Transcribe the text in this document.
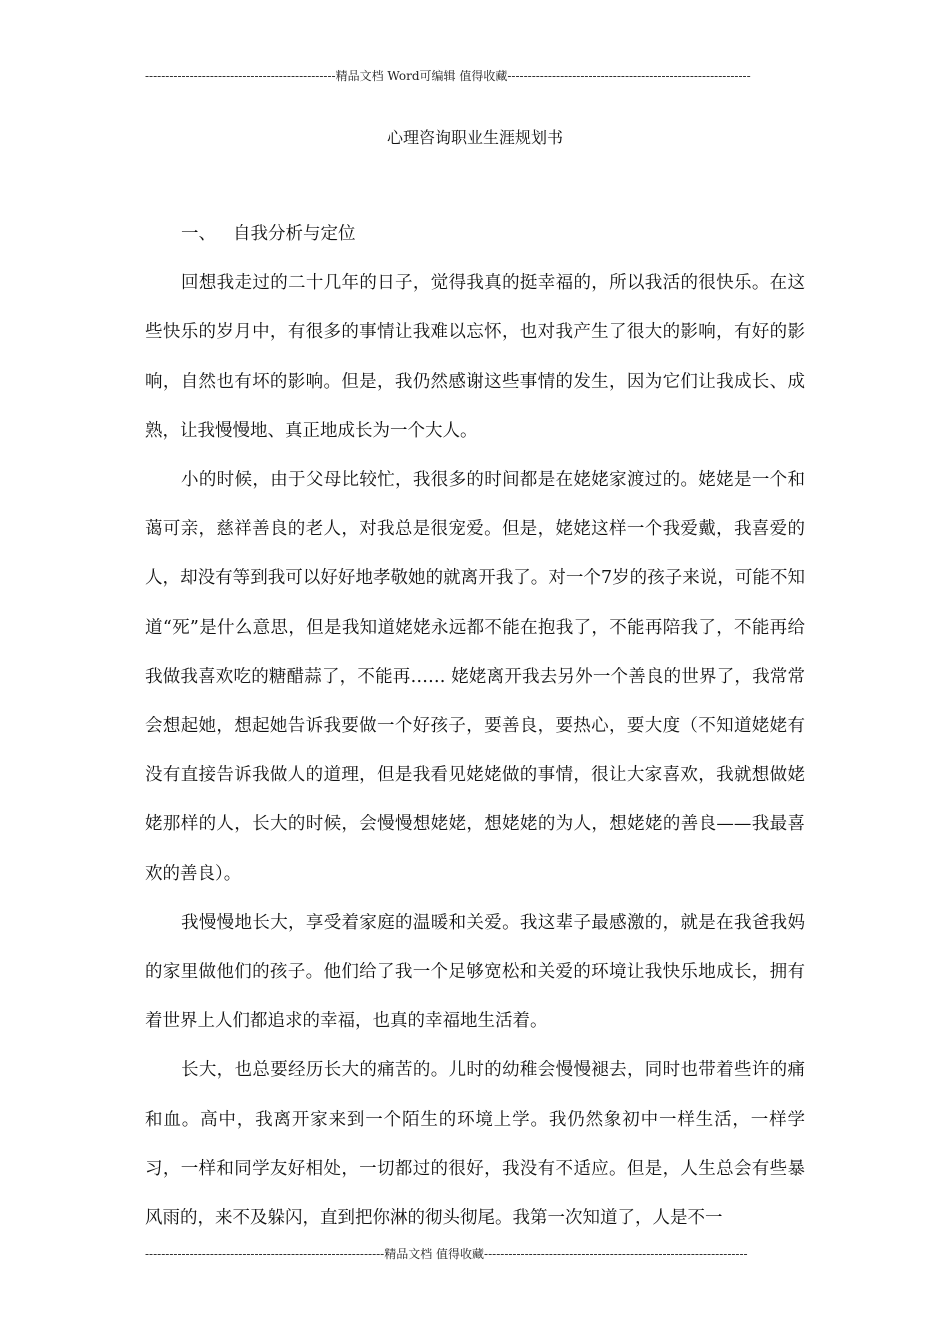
-----------------------------------------------精品文档 Word可编辑 值得收藏------------------------------------------------------------
心理咨询职业生涯规划书

一、 自我分析与定位

回想我走过的二十几年的日子，觉得我真的挺幸福的，所以我活的很快乐。在这些快乐的岁月中，有很多的事情让我难以忘怀，也对我产生了很大的影响，有好的影响，自然也有坏的影响。但是，我仍然感谢这些事情的发生，因为它们让我成长、成熟，让我慢慢地、真正地成长为一个大人。

小的时候，由于父母比较忙，我很多的时间都是在姥姥家渡过的。姥姥是一个和蔼可亲，慈祥善良的老人，对我总是很宠爱。但是，姥姥这样一个我爱戴，我喜爱的人，却没有等到我可以好好地孝敬她的就离开我了。对一个7岁的孩子来说，可能不知道“死”是什么意思，但是我知道姥姥永远都不能在抱我了，不能再陪我了，不能再给我做我喜欢吃的糖醋蒜了，不能再…… 姥姥离开我去另外一个善良的世界了，我常常会想起她，想起她告诉我要做一个好孩子，要善良，要热心，要大度（不知道姥姥有没有直接告诉我做人的道理，但是我看见姥姥做的事情，很让大家喜欢，我就想做姥姥那样的人，长大的时候，会慢慢想姥姥，想姥姥的为人，想姥姥的善良——我最喜欢的善良）。

我慢慢地长大，享受着家庭的温暖和关爱。我这辈子最感激的，就是在我爸我妈的家里做他们的孩子。他们给了我一个足够宽松和关爱的环境让我快乐地成长，拥有着世界上人们都追求的幸福，也真的幸福地生活着。

长大，也总要经历长大的痛苦的。儿时的幼稚会慢慢褪去，同时也带着些许的痛和血。高中，我离开家来到一个陌生的环境上学。我仍然象初中一样生活，一样学习，一样和同学友好相处，一切都过的很好，我没有不适应。但是，人生总会有些暴风雨的，来不及躲闪，直到把你淋的彻头彻尾。我第一次知道了，人是不一

-----------------------------------------------------------精品文档 值得收藏-----------------------------------------------------------------
